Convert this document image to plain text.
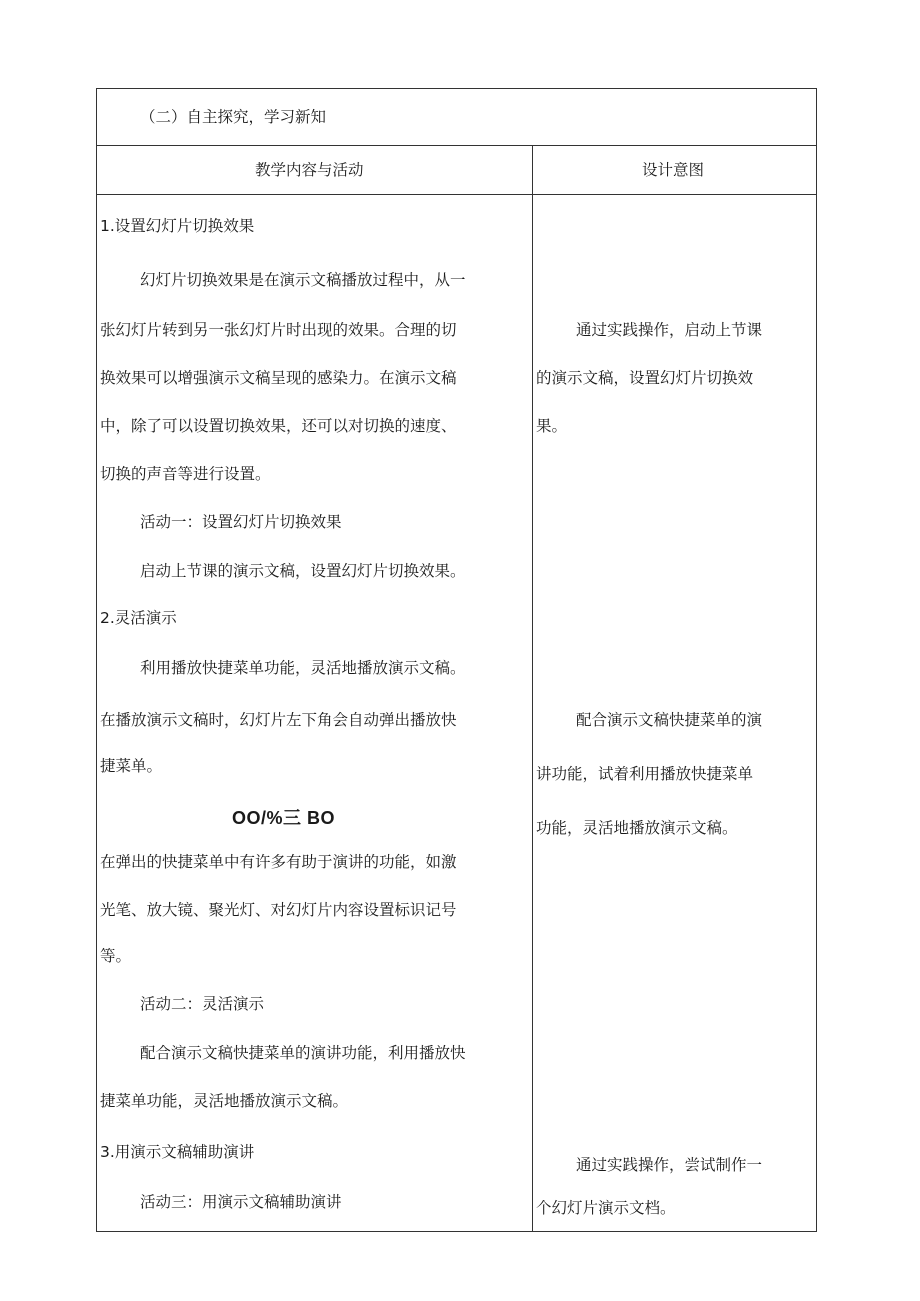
（二）自主探究，学习新知
教学内容与活动	设计意图
1.设置幻灯片切换效果
幻灯片切换效果是在演示文稿播放过程中，从一
张幻灯片转到另一张幻灯片时出现的效果。合理的切
换效果可以增强演示文稿呈现的感染力。在演示文稿
中，除了可以设置切换效果，还可以对切换的速度、
切换的声音等进行设置。
活动一：设置幻灯片切换效果
启动上节课的演示文稿，设置幻灯片切换效果。
2.灵活演示
利用播放快捷菜单功能，灵活地播放演示文稿。
在播放演示文稿时，幻灯片左下角会自动弹出播放快
捷菜单。
OO/%三 BO
在弹出的快捷菜单中有许多有助于演讲的功能，如激
光笔、放大镜、聚光灯、对幻灯片内容设置标识记号
等。
活动二：灵活演示
配合演示文稿快捷菜单的演讲功能，利用播放快
捷菜单功能，灵活地播放演示文稿。
3.用演示文稿辅助演讲
活动三：用演示文稿辅助演讲
通过实践操作，启动上节课
的演示文稿，设置幻灯片切换效
果。
配合演示文稿快捷菜单的演
讲功能，试着利用播放快捷菜单
功能，灵活地播放演示文稿。
通过实践操作，尝试制作一
个幻灯片演示文档。
